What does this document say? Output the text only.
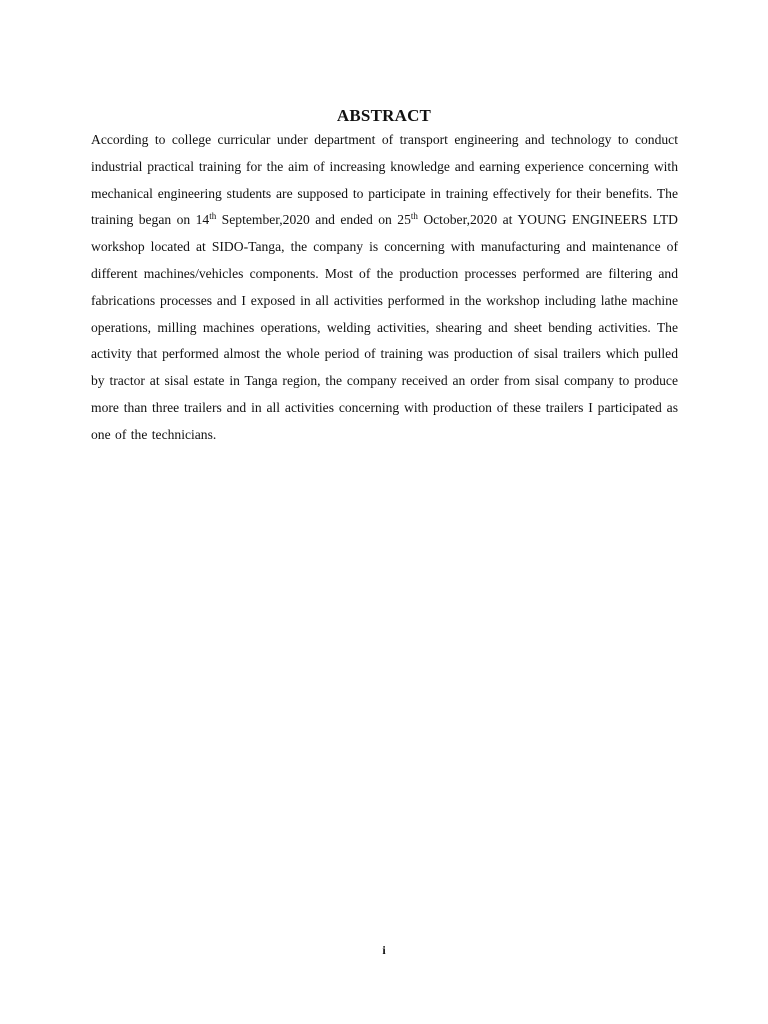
ABSTRACT

According to college curricular under department of transport engineering and technology to conduct industrial practical training for the aim of increasing knowledge and earning experience concerning with mechanical engineering students are supposed to participate in training effectively for their benefits. The training began on 14th September,2020 and ended on 25th October,2020 at YOUNG ENGINEERS LTD workshop located at SIDO-Tanga, the company is concerning with manufacturing and maintenance of different machines/vehicles components. Most of the production processes performed are filtering and fabrications processes and I exposed in all activities performed in the workshop including lathe machine operations, milling machines operations, welding activities, shearing and sheet bending activities. The activity that performed almost the whole period of training was production of sisal trailers which pulled by tractor at sisal estate in Tanga region, the company received an order from sisal company to produce more than three trailers and in all activities concerning with production of these trailers I participated as one of the technicians.

i
